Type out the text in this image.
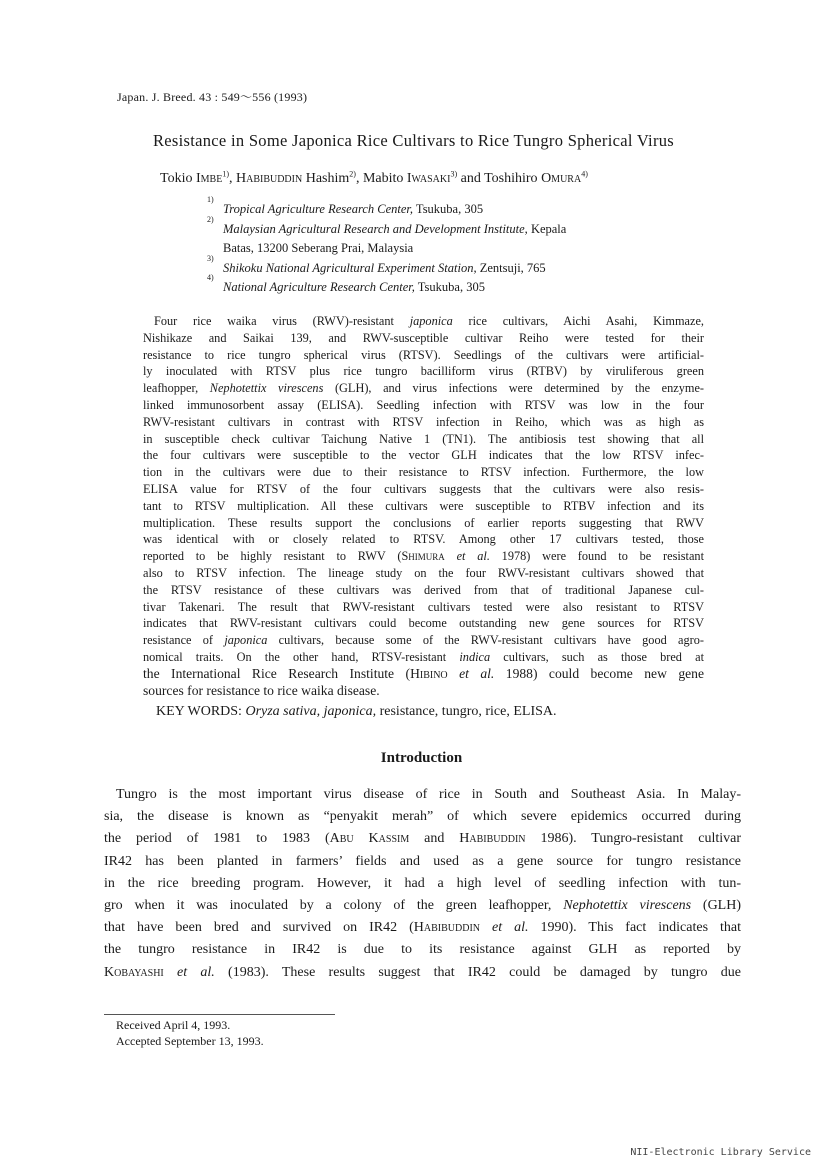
Japan. J. Breed. 43 : 549～556 (1993)
Resistance in Some Japonica Rice Cultivars to Rice Tungro Spherical Virus
Tokio Imbe$^{1)}$, Habibuddin Hashim$^{2)}$, Mabito Iwasaki$^{3)}$ and Toshihiro Omura$^{4)}$
1)
Tropical Agriculture Research Center, Tsukuba, 305
2)
Malaysian Agricultural Research and Development Institute, Kepala
Batas, 13200 Seberang Prai, Malaysia
3)
Shikoku National Agricultural Experiment Station, Zentsuji, 765
4)
National Agriculture Research Center, Tsukuba, 305
Four rice waika virus (RWV)-resistant japonica rice cultivars, Aichi Asahi, Kimmaze,
Nishikaze and Saikai 139, and RWV-susceptible cultivar Reiho were tested for their
resistance to rice tungro spherical virus (RTSV). Seedlings of the cultivars were artificial-
ly inoculated with RTSV plus rice tungro bacilliform virus (RTBV) by viruliferous green
leafhopper, Nephotettix virescens (GLH), and virus infections were determined by the enzyme-
linked immunosorbent assay (ELISA). Seedling infection with RTSV was low in the four
RWV-resistant cultivars in contrast with RTSV infection in Reiho, which was as high as
in susceptible check cultivar Taichung Native 1 (TN1). The antibiosis test showing that all
the four cultivars were susceptible to the vector GLH indicates that the low RTSV infec-
tion in the cultivars were due to their resistance to RTSV infection. Furthermore, the low
ELISA value for RTSV of the four cultivars suggests that the cultivars were also resis-
tant to RTSV multiplication. All these cultivars were susceptible to RTBV infection and its
multiplication. These results support the conclusions of earlier reports suggesting that RWV
was identical with or closely related to RTSV. Among other 17 cultivars tested, those
reported to be highly resistant to RWV (Shimura et al. 1978) were found to be resistant
also to RTSV infection. The lineage study on the four RWV-resistant cultivars showed that
the RTSV resistance of these cultivars was derived from that of traditional Japanese cul-
tivar Takenari. The result that RWV-resistant cultivars tested were also resistant to RTSV
indicates that RWV-resistant cultivars could become outstanding new gene sources for RTSV
resistance of japonica cultivars, because some of the RWV-resistant cultivars have good agro-
nomical traits. On the other hand, RTSV-resistant indica cultivars, such as those bred at
the International Rice Research Institute (Hibino et al. 1988) could become new gene
sources for resistance to rice waika disease.
KEY WORDS: Oryza sativa, japonica, resistance, tungro, rice, ELISA.
Introduction
Tungro is the most important virus disease of rice in South and Southeast Asia. In Malay-
sia, the disease is known as “penyakit merah” of which severe epidemics occurred during
the period of 1981 to 1983 (Abu Kassim and Habibuddin 1986). Tungro-resistant cultivar
IR42 has been planted in farmers’ fields and used as a gene source for tungro resistance
in the rice breeding program. However, it had a high level of seedling infection with tun-
gro when it was inoculated by a colony of the green leafhopper, Nephotettix virescens (GLH)
that have been bred and survived on IR42 (Habibuddin et al. 1990). This fact indicates that
the tungro resistance in IR42 is due to its resistance against GLH as reported by
Kobayashi et al. (1983). These results suggest that IR42 could be damaged by tungro due
Received April 4, 1993.
Accepted September 13, 1993.
NII-Electronic Library Service
